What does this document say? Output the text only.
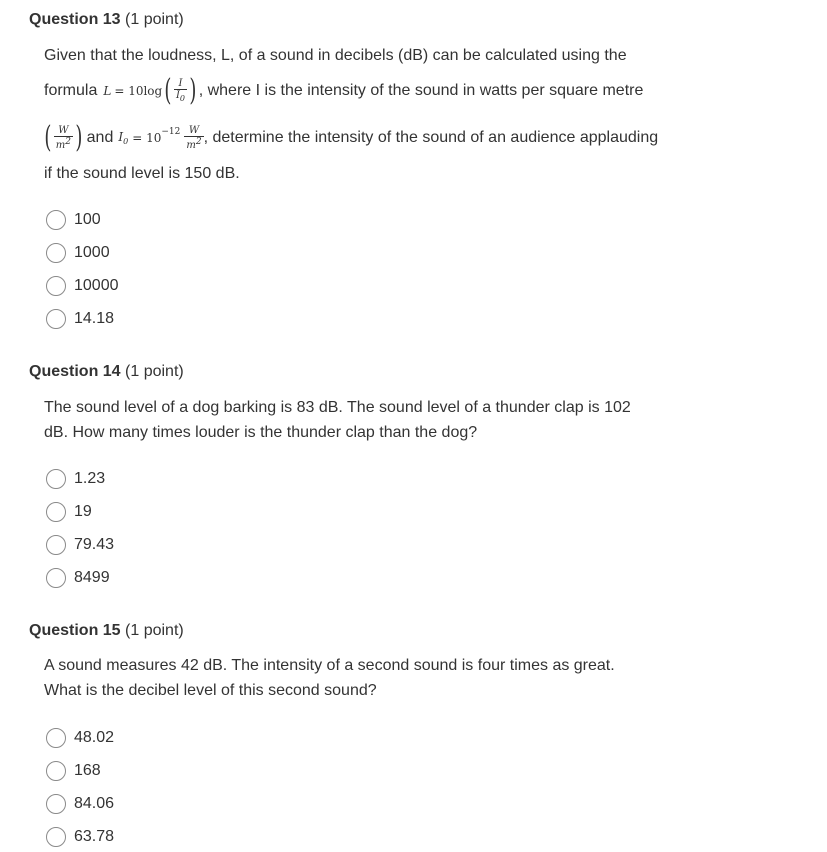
Question 13 (1 point)
Given that the loudness, L, of a sound in decibels (dB) can be calculated using the
formula L = 10log ( $\frac{I}{I_0}$ ) , where I is the intensity of the sound in watts per square metre
( $\frac{W}{m2}$ ) and $I_0 = 10 -12 \frac{W}{m2}$ , determine the intensity of the sound of an audience applauding
if the sound level is 150 dB.
100
1000
10000
14.18
Question 14 (1 point)
The sound level of a dog barking is 83 dB. The sound level of a thunder clap is 102
dB. How many times louder is the thunder clap than the dog?
1.23
19
79.43
8499
Question 15 (1 point)
A sound measures 42 dB. The intensity of a second sound is four times as great.
What is the decibel level of this second sound?
48.02
168
84.06
63.78
